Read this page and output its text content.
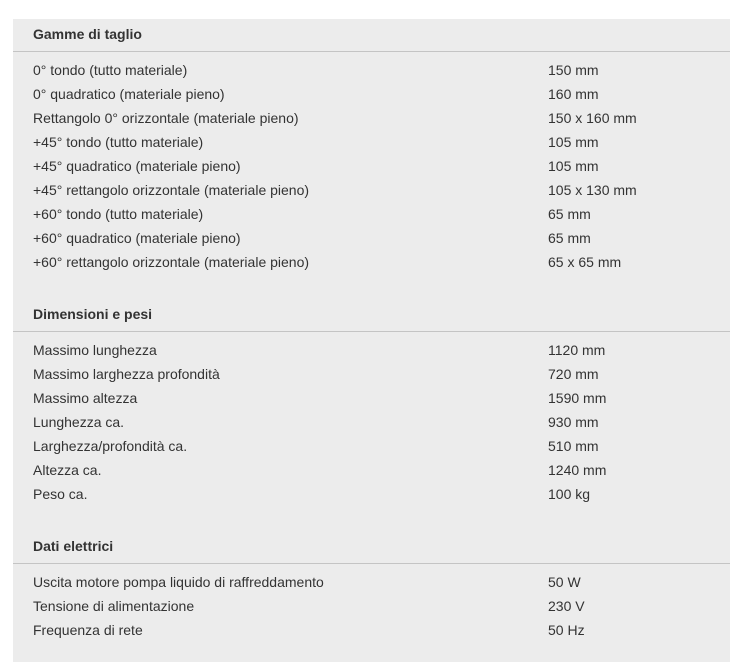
Gamme di taglio
0° tondo (tutto materiale)	150 mm
0° quadratico (materiale pieno)	160 mm
Rettangolo 0° orizzontale (materiale pieno)	150 x 160 mm
+45° tondo (tutto materiale)	105 mm
+45° quadratico (materiale pieno)	105 mm
+45° rettangolo orizzontale (materiale pieno)	105 x 130 mm
+60° tondo (tutto materiale)	65 mm
+60° quadratico (materiale pieno)	65 mm
+60° rettangolo orizzontale (materiale pieno)	65 x 65 mm
Dimensioni e pesi
Massimo lunghezza	1120 mm
Massimo larghezza profondità	720 mm
Massimo altezza	1590 mm
Lunghezza ca.	930 mm
Larghezza/profondità ca.	510 mm
Altezza ca.	1240 mm
Peso ca.	100 kg
Dati elettrici
Uscita motore pompa liquido di raffreddamento	50 W
Tensione di alimentazione	230 V
Frequenza di rete	50 Hz
